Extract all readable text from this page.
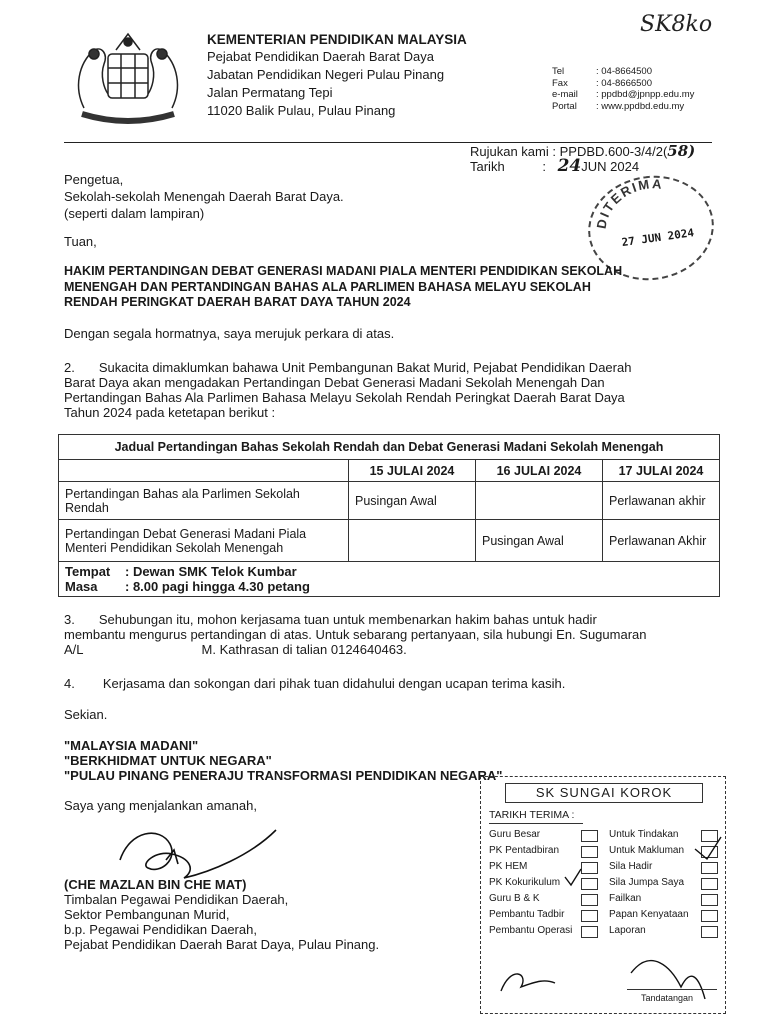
SK8ko
KEMENTERIAN PENDIDIKAN MALAYSIA
Pejabat Pendidikan Daerah Barat Daya
Jabatan Pendidikan Negeri Pulau Pinang
Jalan Permatang Tepi
11020 Balik Pulau, Pulau Pinang
Tel	: 04-8664500
Fax	: 04-8666500
e-mail	: ppdbd@jpnpp.edu.my
Portal	: www.ppdbd.edu.my
Rujukan kami : PPDBD.600-3/4/2(58)
Tarikh	: 24JUN 2024
DITERIMA
27 JUN 2024
Pengetua,
Sekolah-sekolah Menengah Daerah Barat Daya.
(seperti dalam lampiran)
Tuan,
HAKIM PERTANDINGAN DEBAT GENERASI MADANI PIALA MENTERI PENDIDIKAN SEKOLAH
MENENGAH DAN PERTANDINGAN BAHAS ALA PARLIMEN BAHASA MELAYU SEKOLAH
RENDAH PERINGKAT DAERAH BARAT DAYA TAHUN 2024
Dengan segala hormatnya, saya merujuk perkara di atas.
2. Sukacita dimaklumkan bahawa Unit Pembangunan Bakat Murid, Pejabat Pendidikan Daerah
Barat Daya akan mengadakan Pertandingan Debat Generasi Madani Sekolah Menengah Dan
Pertandingan Bahas Ala Parlimen Bahasa Melayu Sekolah Rendah Peringkat Daerah Barat Daya
Tahun 2024 pada ketetapan berikut :
Jadual Pertandingan Bahas Sekolah Rendah dan Debat Generasi Madani Sekolah Menengah			
	15 JULAI 2024	16 JULAI 2024	17 JULAI 2024
Pertandingan Bahas ala Parlimen Sekolah Rendah	Pusingan Awal		Perlawanan akhir
Pertandingan Debat Generasi Madani Piala Menteri Pendidikan Sekolah Menengah		Pusingan Awal	Perlawanan Akhir

Tempat : Dewan SMK Telok Kumbar
Masa : 8.00 pagi hingga 4.30 petang			
3. Sehubungan itu, mohon kerjasama tuan untuk membenarkan hakim bahas untuk hadir
membantu mengurus pertandingan di atas. Untuk sebarang pertanyaan, sila hubungi En. Sugumaran
A/L	M. Kathrasan di talian 0124640463.
4. Kerjasama dan sokongan dari pihak tuan didahului dengan ucapan terima kasih.
Sekian.
"MALAYSIA MADANI"
"BERKHIDMAT UNTUK NEGARA"
"PULAU PINANG PENERAJU TRANSFORMASI PENDIDIKAN NEGARA"
Saya yang menjalankan amanah,
(CHE MAZLAN BIN CHE MAT)
Timbalan Pegawai Pendidikan Daerah,
Sektor Pembangunan Murid,
b.p. Pegawai Pendidikan Daerah,
Pejabat Pendidikan Daerah Barat Daya, Pulau Pinang.
SK SUNGAI KOROK
TARIKH TERIMA :
Guru Besar
PK Pentadbiran
PK HEM
PK Kokurikulum
Guru B & K
Pembantu Tadbir
Pembantu Operasi
Untuk Tindakan
Untuk Makluman
Sila Hadir
Sila Jumpa Saya
Failkan
Papan Kenyataan
Laporan
Tandatangan
